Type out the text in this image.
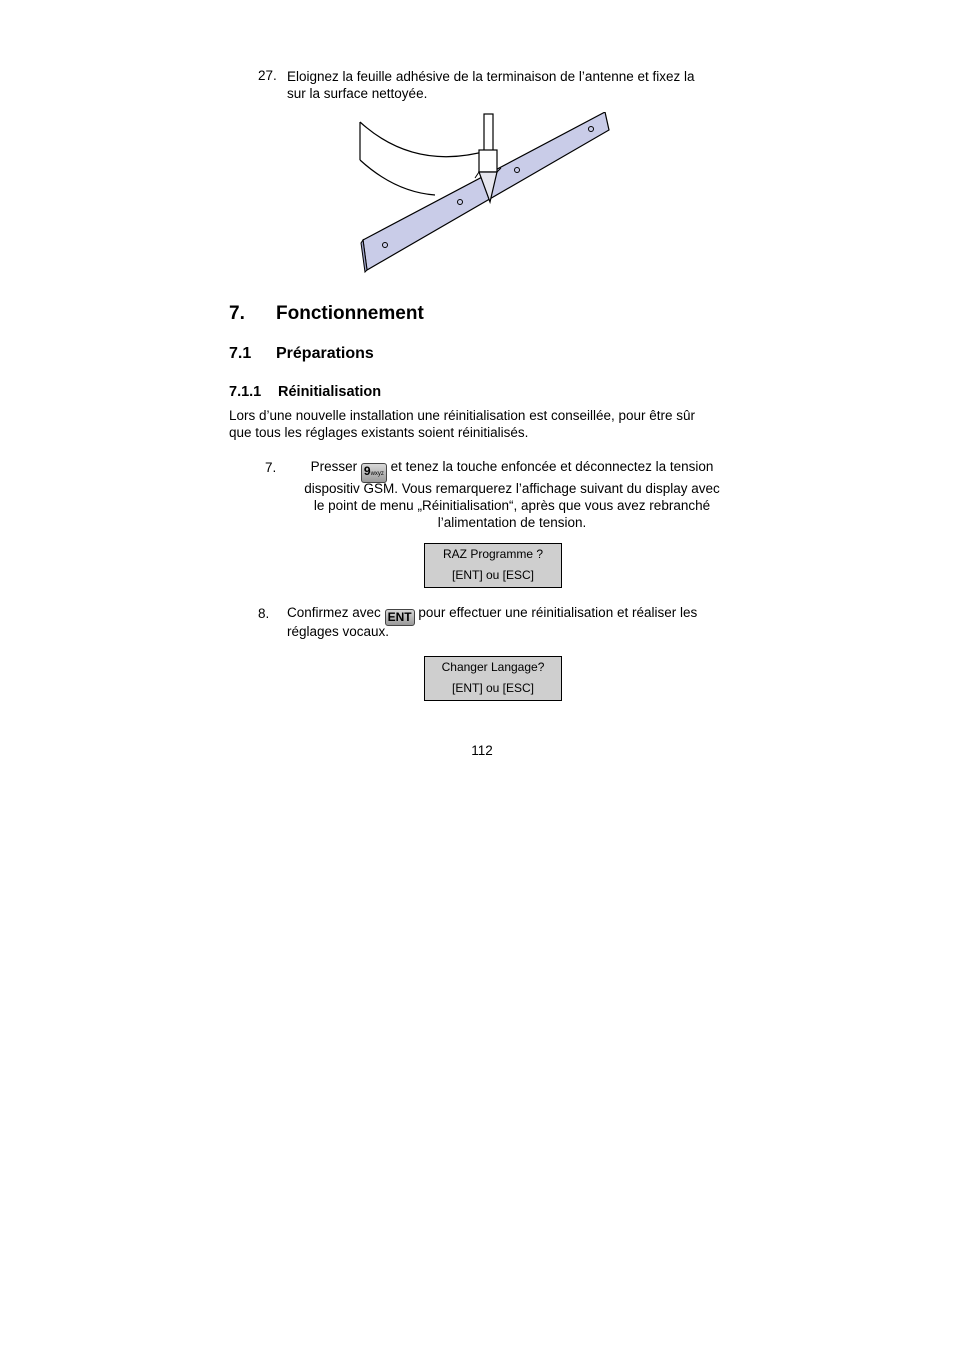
27. Eloignez la feuille adhésive de la terminaison de l’antenne et fixez la
sur la surface nettoyée.
7. Fonctionnement
7.1 Préparations
7.1.1 Réinitialisation
Lors d’une nouvelle installation une réinitialisation est conseillée, pour être sûr
que tous les réglages existants soient réinitialisés.
7.	Presser 9wxyz et tenez la touche enfoncée et déconnectez la tension
dispositiv GSM. Vous remarquerez l’affichage suivant du display avec
le point de menu „Réinitialisation“, après que vous avez rebranché
l’alimentation de tension.
RAZ Programme ?
[ENT] ou [ESC]
8. Confirmez avec ENT pour effectuer une réinitialisation et réaliser les
réglages vocaux.
Changer Langage?
[ENT] ou [ESC]
112
